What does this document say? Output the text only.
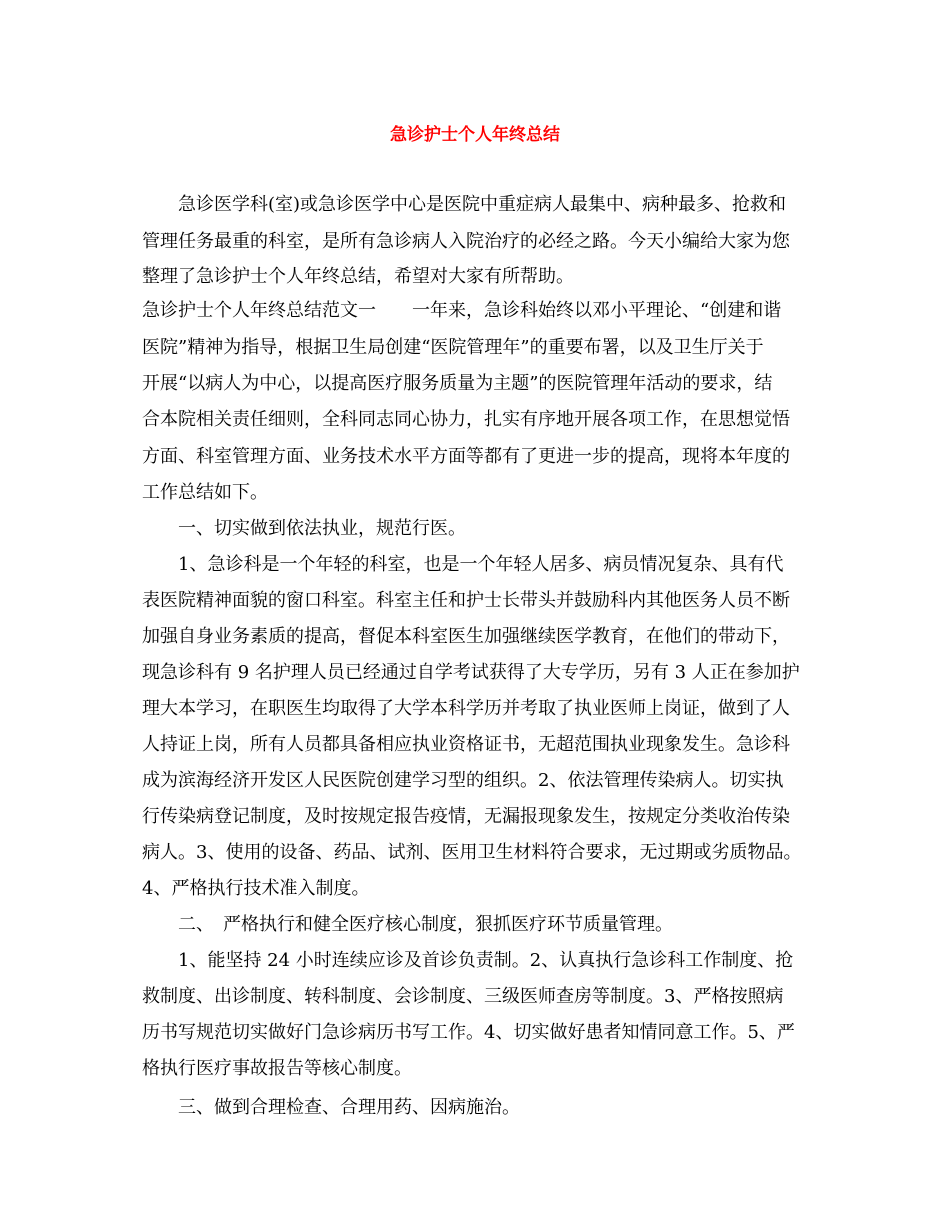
急诊护士个人年终总结
　　急诊医学科(室)或急诊医学中心是医院中重症病人最集中、病种最多、抢救和
管理任务最重的科室，是所有急诊病人入院治疗的必经之路。今天小编给大家为您
整理了急诊护士个人年终总结，希望对大家有所帮助。
急诊护士个人年终总结范文一　　一年来，急诊科始终以邓小平理论、“创建和谐
医院”精神为指导，根据卫生局创建“医院管理年”的重要布署，以及卫生厅关于
开展“以病人为中心，以提高医疗服务质量为主题”的医院管理年活动的要求，结
合本院相关责任细则，全科同志同心协力，扎实有序地开展各项工作，在思想觉悟
方面、科室管理方面、业务技术水平方面等都有了更进一步的提高，现将本年度的
工作总结如下。
　　一、切实做到依法执业，规范行医。
　　1、急诊科是一个年轻的科室，也是一个年轻人居多、病员情况复杂、具有代
表医院精神面貌的窗口科室。科室主任和护士长带头并鼓励科内其他医务人员不断
加强自身业务素质的提高，督促本科室医生加强继续医学教育，在他们的带动下，
现急诊科有 9 名护理人员已经通过自学考试获得了大专学历，另有 3 人正在参加护
理大本学习，在职医生均取得了大学本科学历并考取了执业医师上岗证，做到了人
人持证上岗，所有人员都具备相应执业资格证书，无超范围执业现象发生。急诊科
成为滨海经济开发区人民医院创建学习型的组织。2、依法管理传染病人。切实执
行传染病登记制度，及时按规定报告疫情，无漏报现象发生，按规定分类收治传染
病人。3、使用的设备、药品、试剂、医用卫生材料符合要求，无过期或劣质物品。
4、严格执行技术准入制度。
　　二、　严格执行和健全医疗核心制度，狠抓医疗环节质量管理。
　　1、能坚持 24 小时连续应诊及首诊负责制。2、认真执行急诊科工作制度、抢
救制度、出诊制度、转科制度、会诊制度、三级医师查房等制度。3、严格按照病
历书写规范切实做好门急诊病历书写工作。4、切实做好患者知情同意工作。5、严
格执行医疗事故报告等核心制度。
　　三、做到合理检查、合理用药、因病施治。
